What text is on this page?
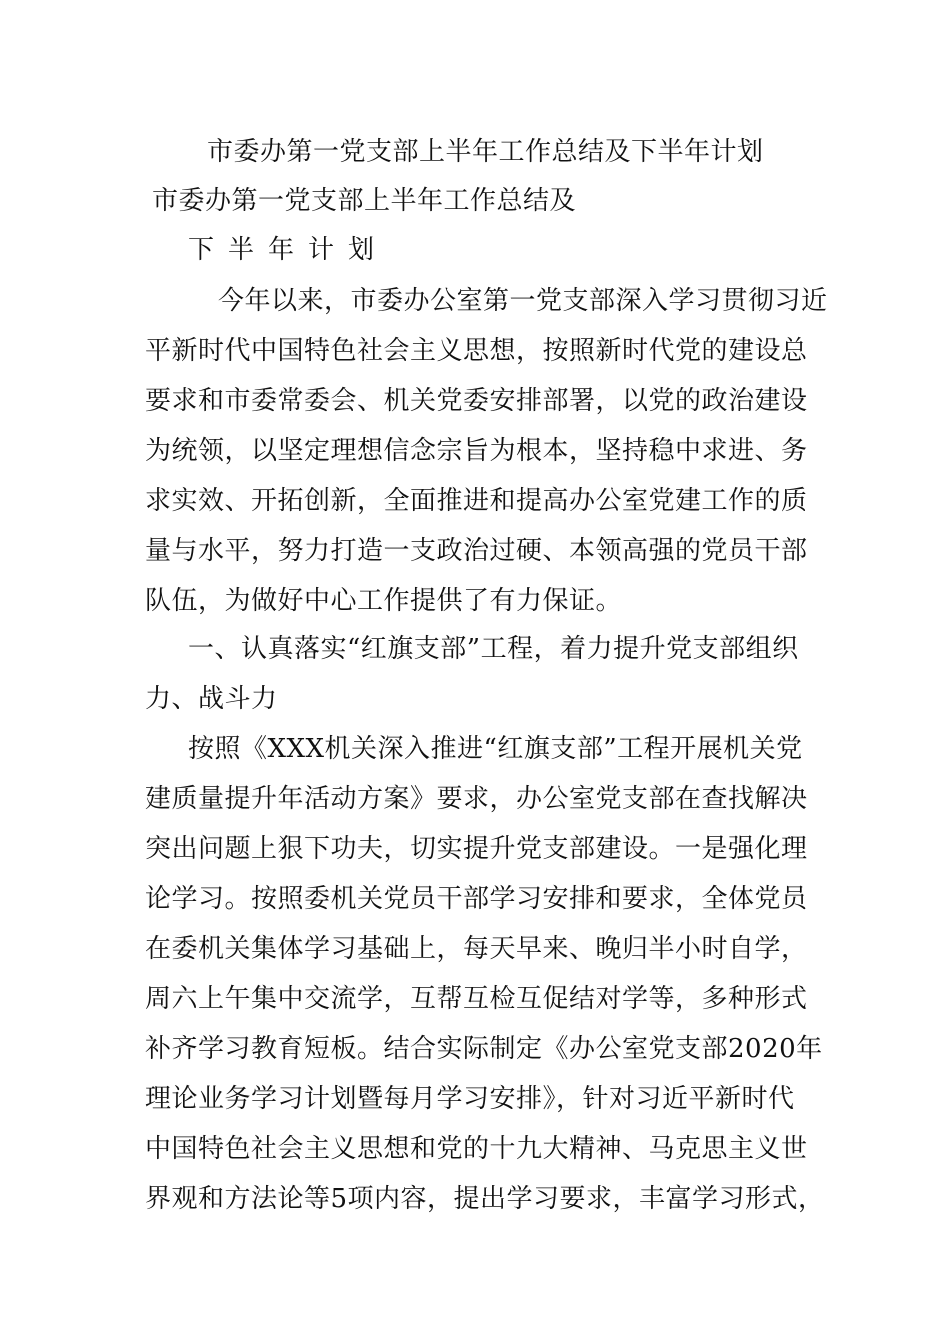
市委办第一党支部上半年工作总结及下半年计划
市委办第一党支部上半年工作总结及
下半年计划
今年以来，市委办公室第一党支部深入学习贯彻习近
平新时代中国特色社会主义思想，按照新时代党的建设总
要求和市委常委会、机关党委安排部署，以党的政治建设
为统领，以坚定理想信念宗旨为根本，坚持稳中求进、务
求实效、开拓创新，全面推进和提高办公室党建工作的质
量与水平，努力打造一支政治过硬、本领高强的党员干部
队伍，为做好中心工作提供了有力保证。
一、认真落实“红旗支部”工程，着力提升党支部组织
力、战斗力
按照《XXX机关深入推进“红旗支部”工程开展机关党
建质量提升年活动方案》要求，办公室党支部在查找解决
突出问题上狠下功夫，切实提升党支部建设。一是强化理
论学习。按照委机关党员干部学习安排和要求，全体党员
在委机关集体学习基础上，每天早来、晚归半小时自学，
周六上午集中交流学，互帮互检互促结对学等，多种形式
补齐学习教育短板。结合实际制定《办公室党支部2020年
理论业务学习计划暨每月学习安排》，针对习近平新时代
中国特色社会主义思想和党的十九大精神、马克思主义世
界观和方法论等5项内容，提出学习要求，丰富学习形式，
